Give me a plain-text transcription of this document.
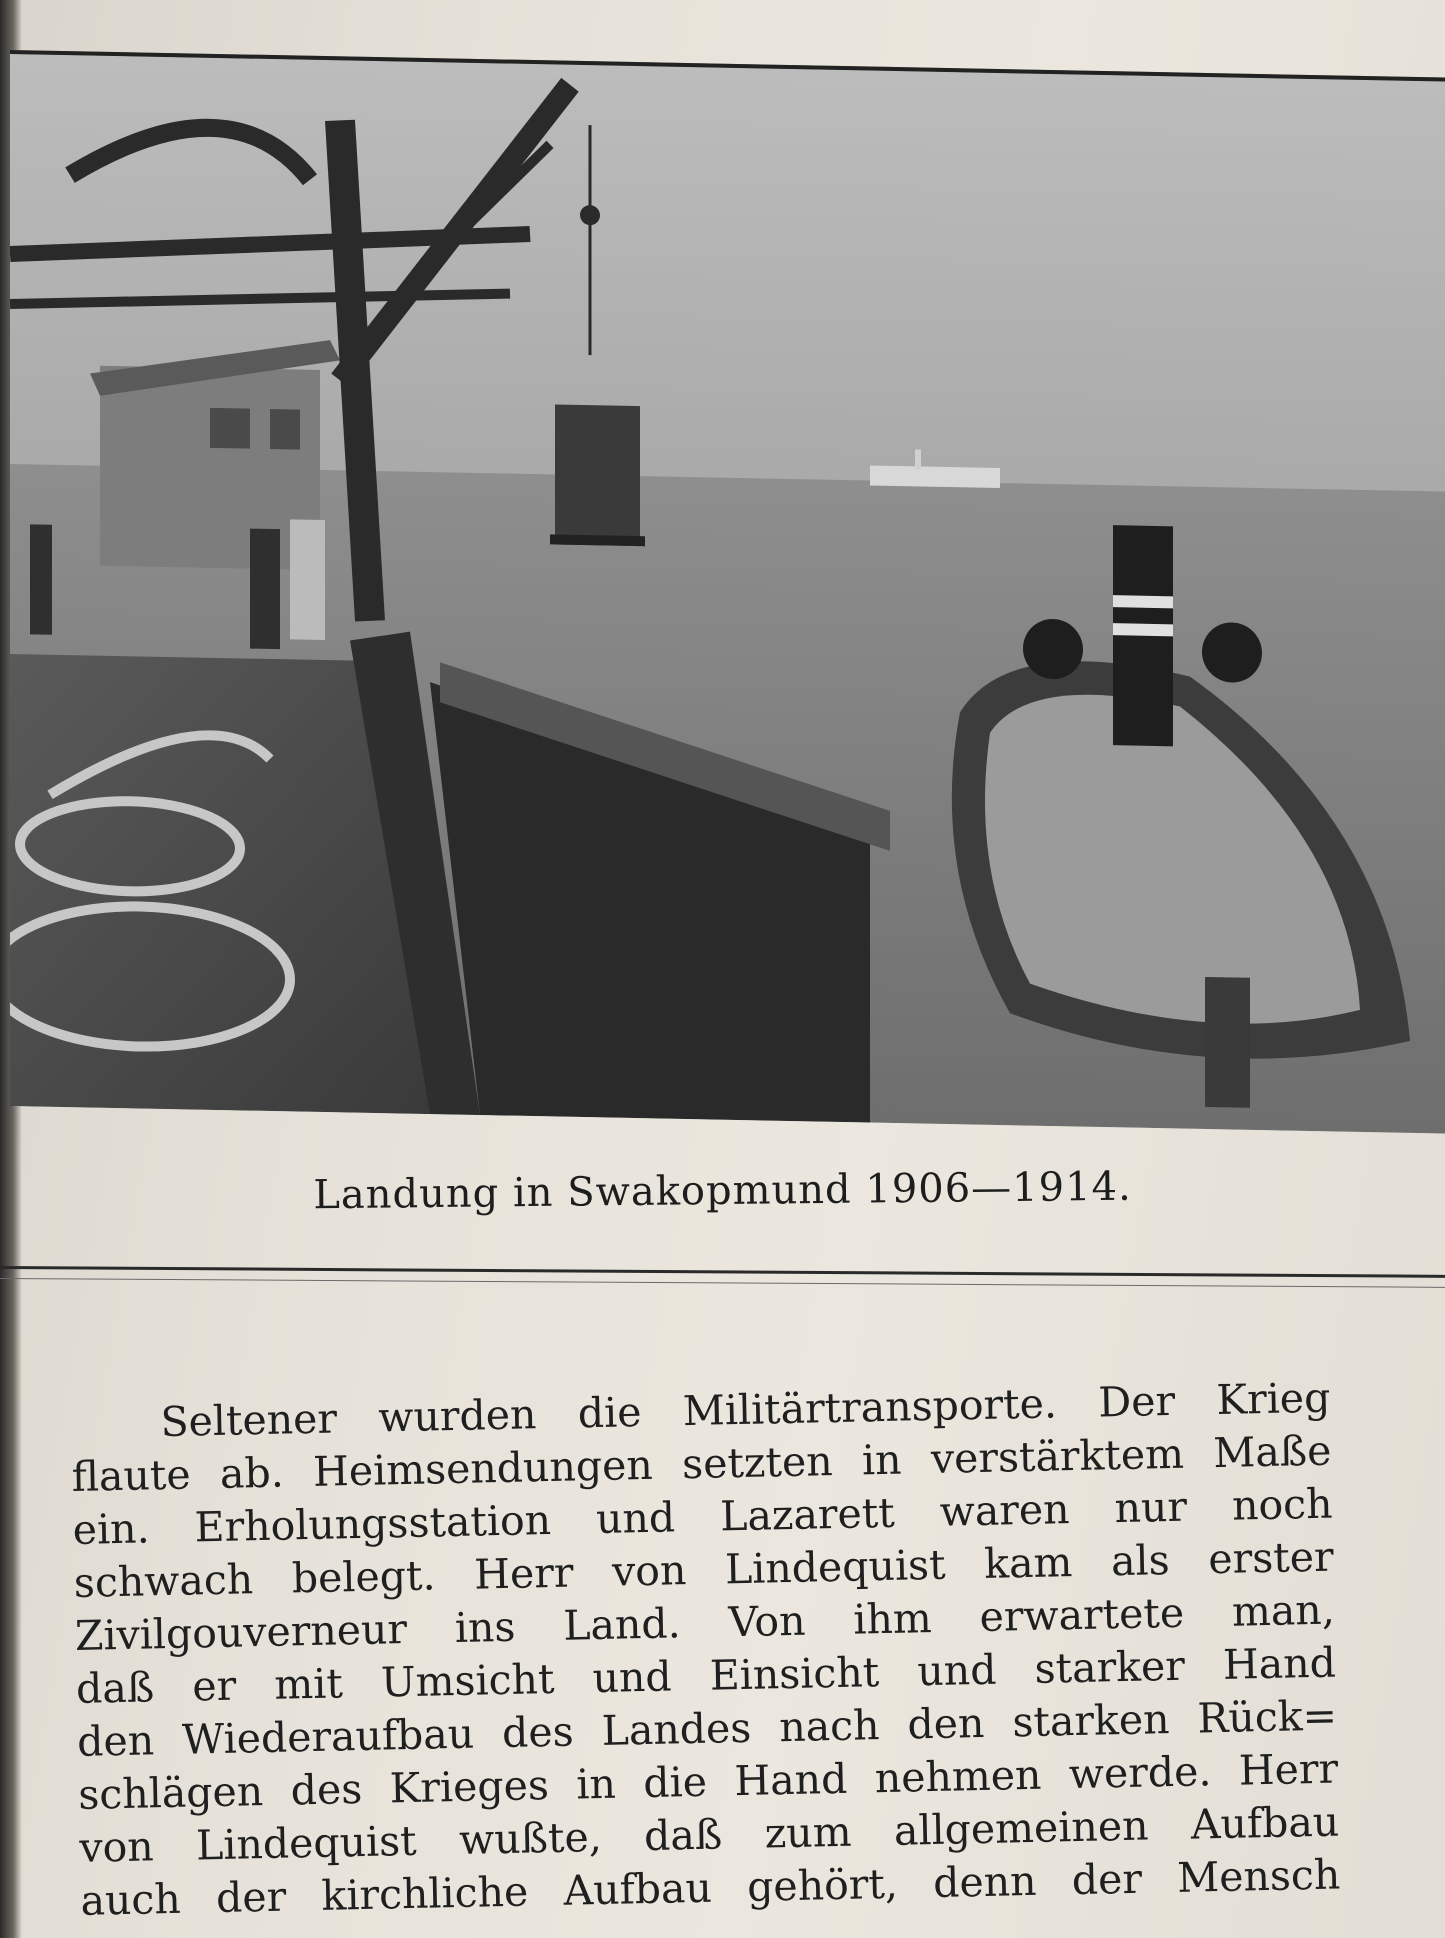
Landung in Swakopmund 1906—1914.
Seltener wurden die Militärtransporte. Der Krieg
flaute ab. Heimsendungen setzten in verstärktem Maße
ein. Erholungsstation und Lazarett waren nur noch
schwach belegt. Herr von Lindequist kam als erster
Zivilgouverneur ins Land. Von ihm erwartete man,
daß er mit Umsicht und Einsicht und starker Hand
den Wiederaufbau des Landes nach den starken Rück=
schlägen des Krieges in die Hand nehmen werde. Herr
von Lindequist wußte, daß zum allgemeinen Aufbau
auch der kirchliche Aufbau gehört, denn der Mensch
